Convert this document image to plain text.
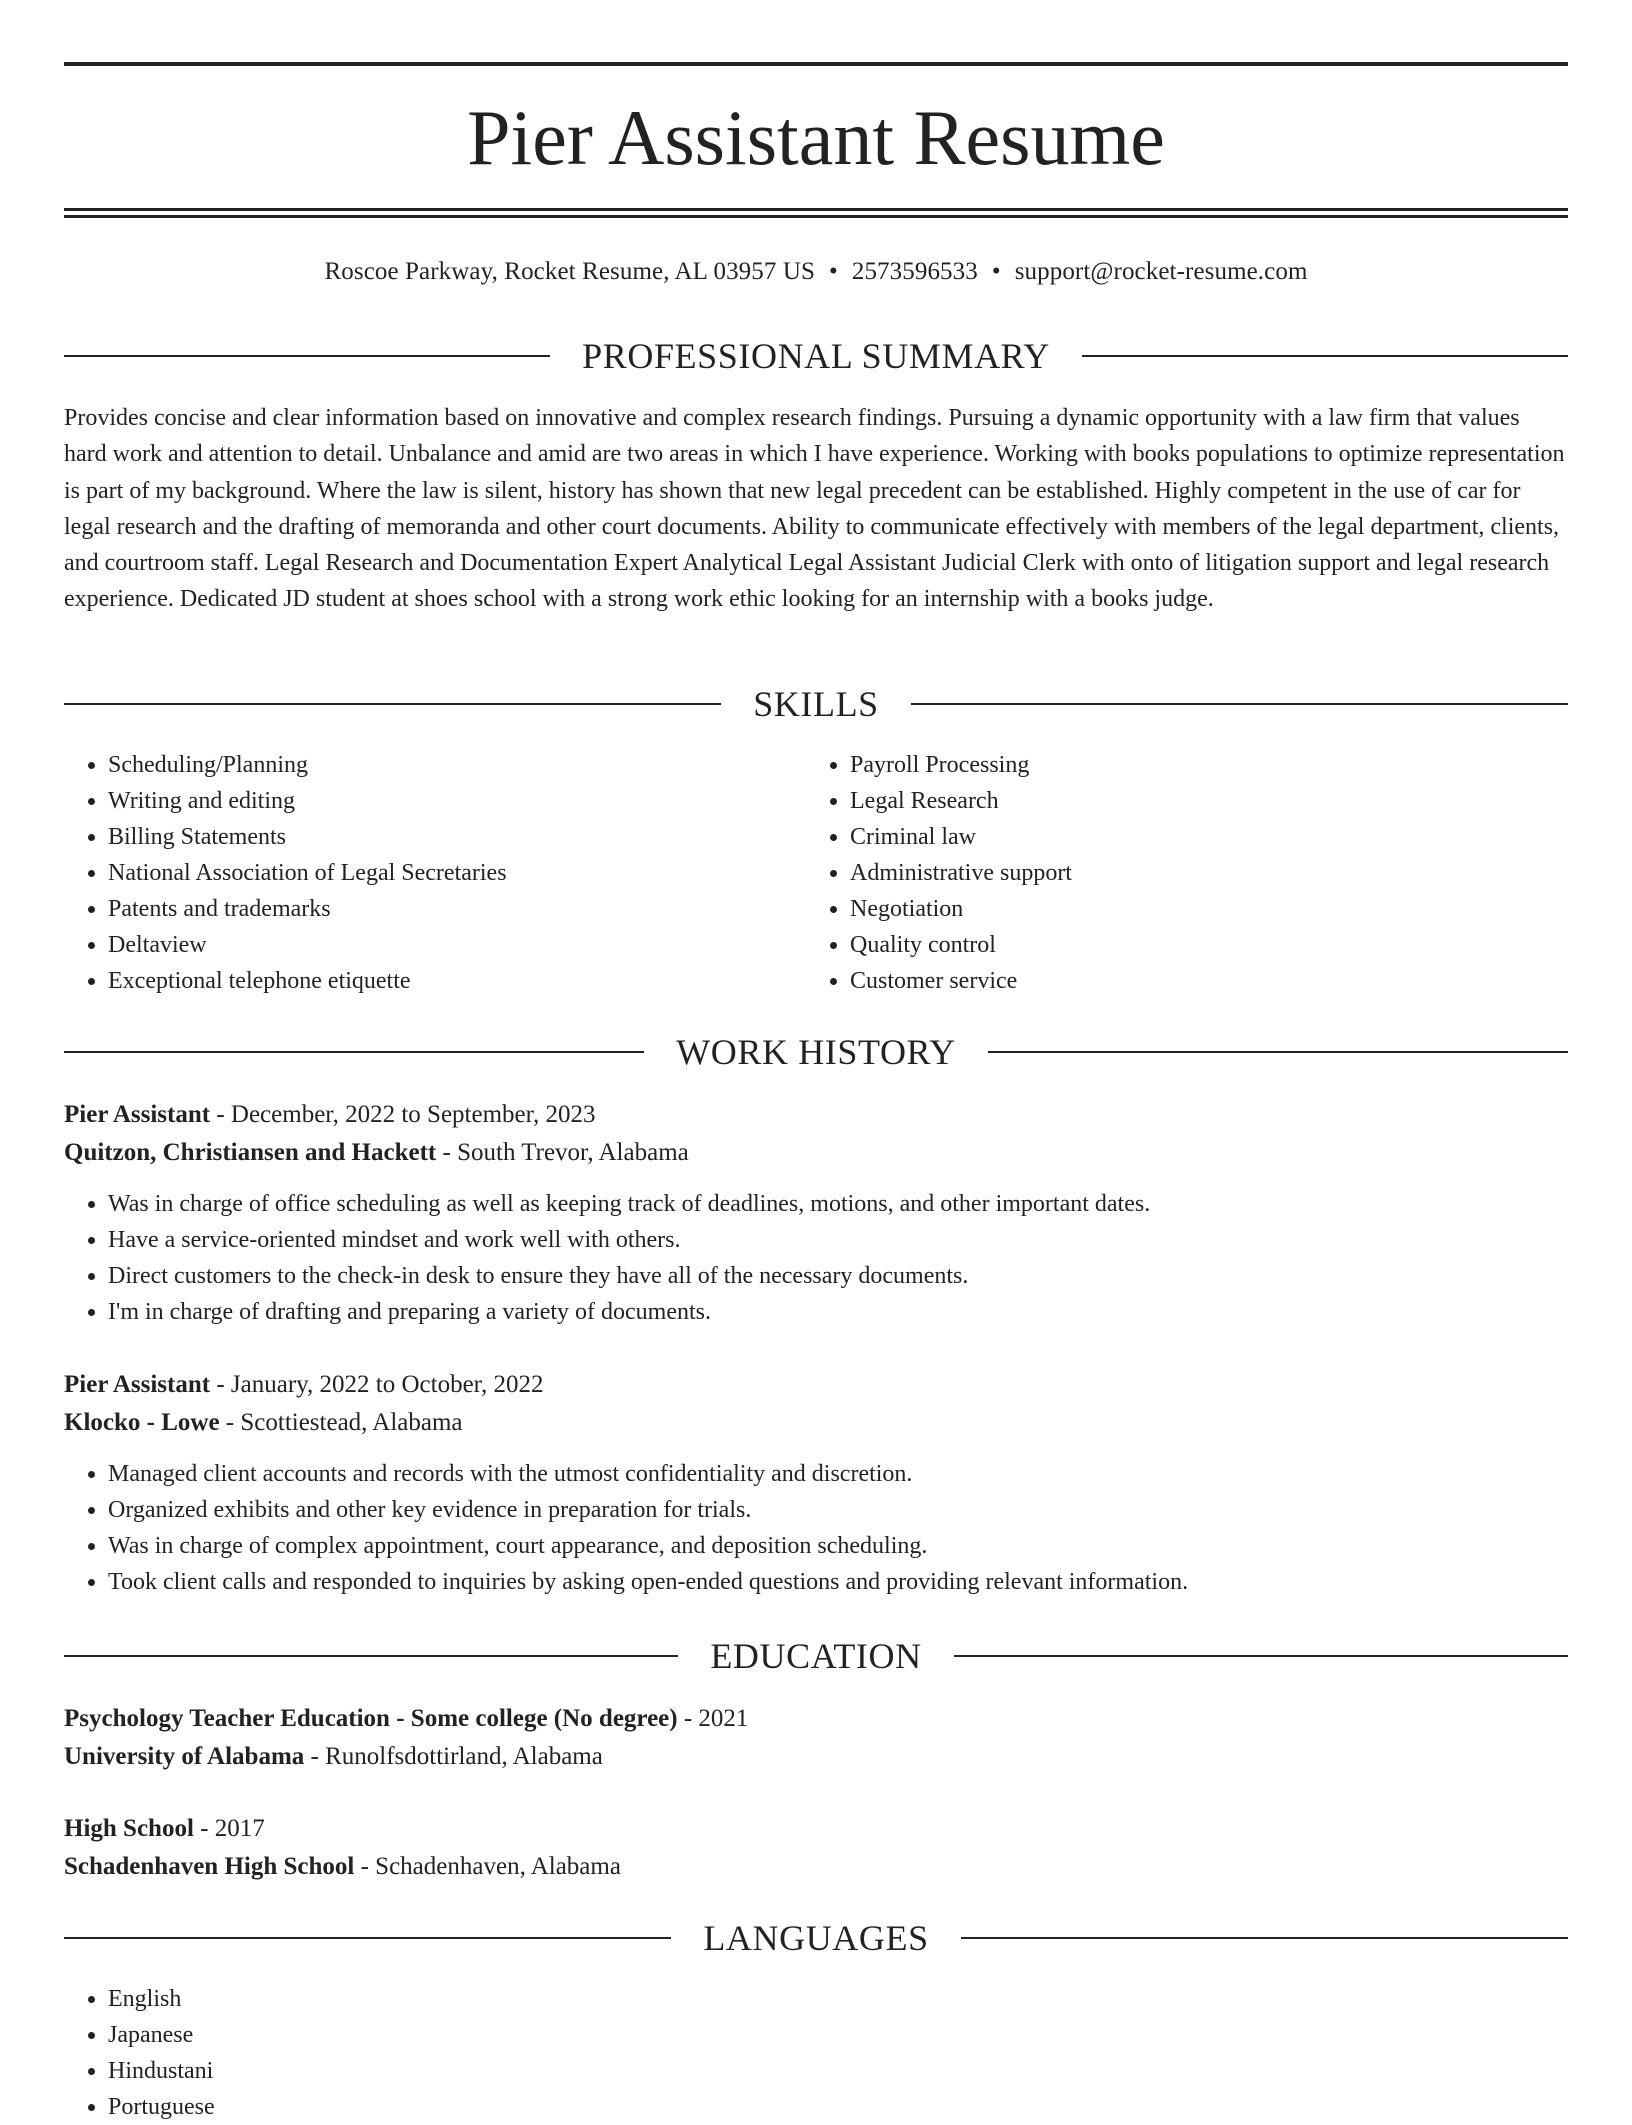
Pier Assistant Resume
Roscoe Parkway, Rocket Resume, AL 03957 US • 2573596533 • support@rocket-resume.com
PROFESSIONAL SUMMARY

Provides concise and clear information based on innovative and complex research findings. Pursuing a dynamic opportunity with a law firm that values hard work and attention to detail. Unbalance and amid are two areas in which I have experience. Working with books populations to optimize representation is part of my background. Where the law is silent, history has shown that new legal precedent can be established. Highly competent in the use of car for legal research and the drafting of memoranda and other court documents. Ability to communicate effectively with members of the legal department, clients, and courtroom staff. Legal Research and Documentation Expert Analytical Legal Assistant Judicial Clerk with onto of litigation support and legal research experience. Dedicated JD student at shoes school with a strong work ethic looking for an internship with a books judge.

SKILLS
• Scheduling/Planning
• Writing and editing
• Billing Statements
• National Association of Legal Secretaries
• Patents and trademarks
• Deltaview
• Exceptional telephone etiquette
• Payroll Processing
• Legal Research
• Criminal law
• Administrative support
• Negotiation
• Quality control
• Customer service
WORK HISTORY
Pier Assistant - December, 2022 to September, 2023
Quitzon, Christiansen and Hackett - South Trevor, Alabama
• Was in charge of office scheduling as well as keeping track of deadlines, motions, and other important dates.
• Have a service-oriented mindset and work well with others.
• Direct customers to the check-in desk to ensure they have all of the necessary documents.
• I'm in charge of drafting and preparing a variety of documents.
Pier Assistant - January, 2022 to October, 2022
Klocko - Lowe - Scottiestead, Alabama
• Managed client accounts and records with the utmost confidentiality and discretion.
• Organized exhibits and other key evidence in preparation for trials.
• Was in charge of complex appointment, court appearance, and deposition scheduling.
• Took client calls and responded to inquiries by asking open-ended questions and providing relevant information.
EDUCATION
Psychology Teacher Education - Some college (No degree) - 2021
University of Alabama - Runolfsdottirland, Alabama
High School - 2017
Schadenhaven High School - Schadenhaven, Alabama
LANGUAGES
• English
• Japanese
• Hindustani
• Portuguese
